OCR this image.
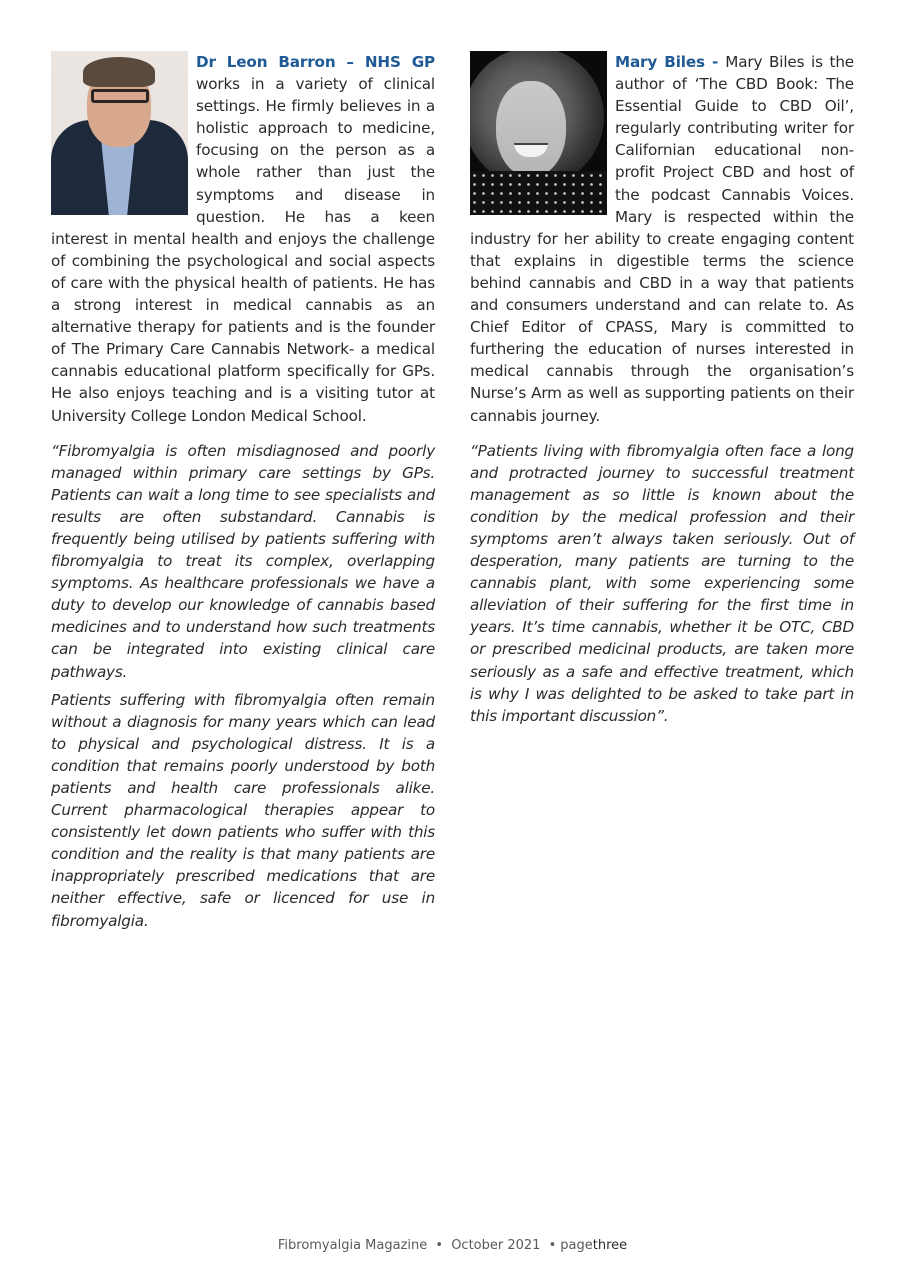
Dr Leon Barron – NHS GP works in a variety of clinical settings. He firmly believes in a holistic approach to medicine, focusing on the person as a whole rather than just the symptoms and disease in question. He has a keen interest in mental health and enjoys the challenge of combining the psychological and social aspects of care with the physical health of patients. He has a strong interest in medical cannabis as an alternative therapy for patients and is the founder of The Primary Care Cannabis Network- a medical cannabis educational platform specifically for GPs. He also enjoys teaching and is a visiting tutor at University College London Medical School.

“Fibromyalgia is often misdiagnosed and poorly managed within primary care settings by GPs. Patients can wait a long time to see specialists and results are often substandard. Cannabis is frequently being utilised by patients suffering with fibromyalgia to treat its complex, overlapping symptoms. As healthcare professionals we have a duty to develop our knowledge of cannabis based medicines and to understand how such treatments can be integrated into existing clinical care pathways.

Patients suffering with fibromyalgia often remain without a diagnosis for many years which can lead to physical and psychological distress. It is a condition that remains poorly understood by both patients and health care professionals alike. Current pharmacological therapies appear to consistently let down patients who suffer with this condition and the reality is that many patients are inappropriately prescribed medications that are neither effective, safe or licenced for use in fibromyalgia.

Mary Biles - Mary Biles is the author of ‘The CBD Book: The Essential Guide to CBD Oil’, regularly contributing writer for Californian educational non-profit Project CBD and host of the podcast Cannabis Voices. Mary is respected within the industry for her ability to create engaging content that explains in digestible terms the science behind cannabis and CBD in a way that patients and consumers understand and can relate to. As Chief Editor of CPASS, Mary is committed to furthering the education of nurses interested in medical cannabis through the organisation’s Nurse’s Arm as well as supporting patients on their cannabis journey.

“Patients living with fibromyalgia often face a long and protracted journey to successful treatment management as so little is known about the condition by the medical profession and their symptoms aren’t always taken seriously. Out of desperation, many patients are turning to the cannabis plant, with some experiencing some alleviation of their suffering for the first time in years. It’s time cannabis, whether it be OTC, CBD or prescribed medicinal products, are taken more seriously as a safe and effective treatment, which is why I was delighted to be asked to take part in this important discussion”.

Fibromyalgia Magazine • October 2021 • pagethree
